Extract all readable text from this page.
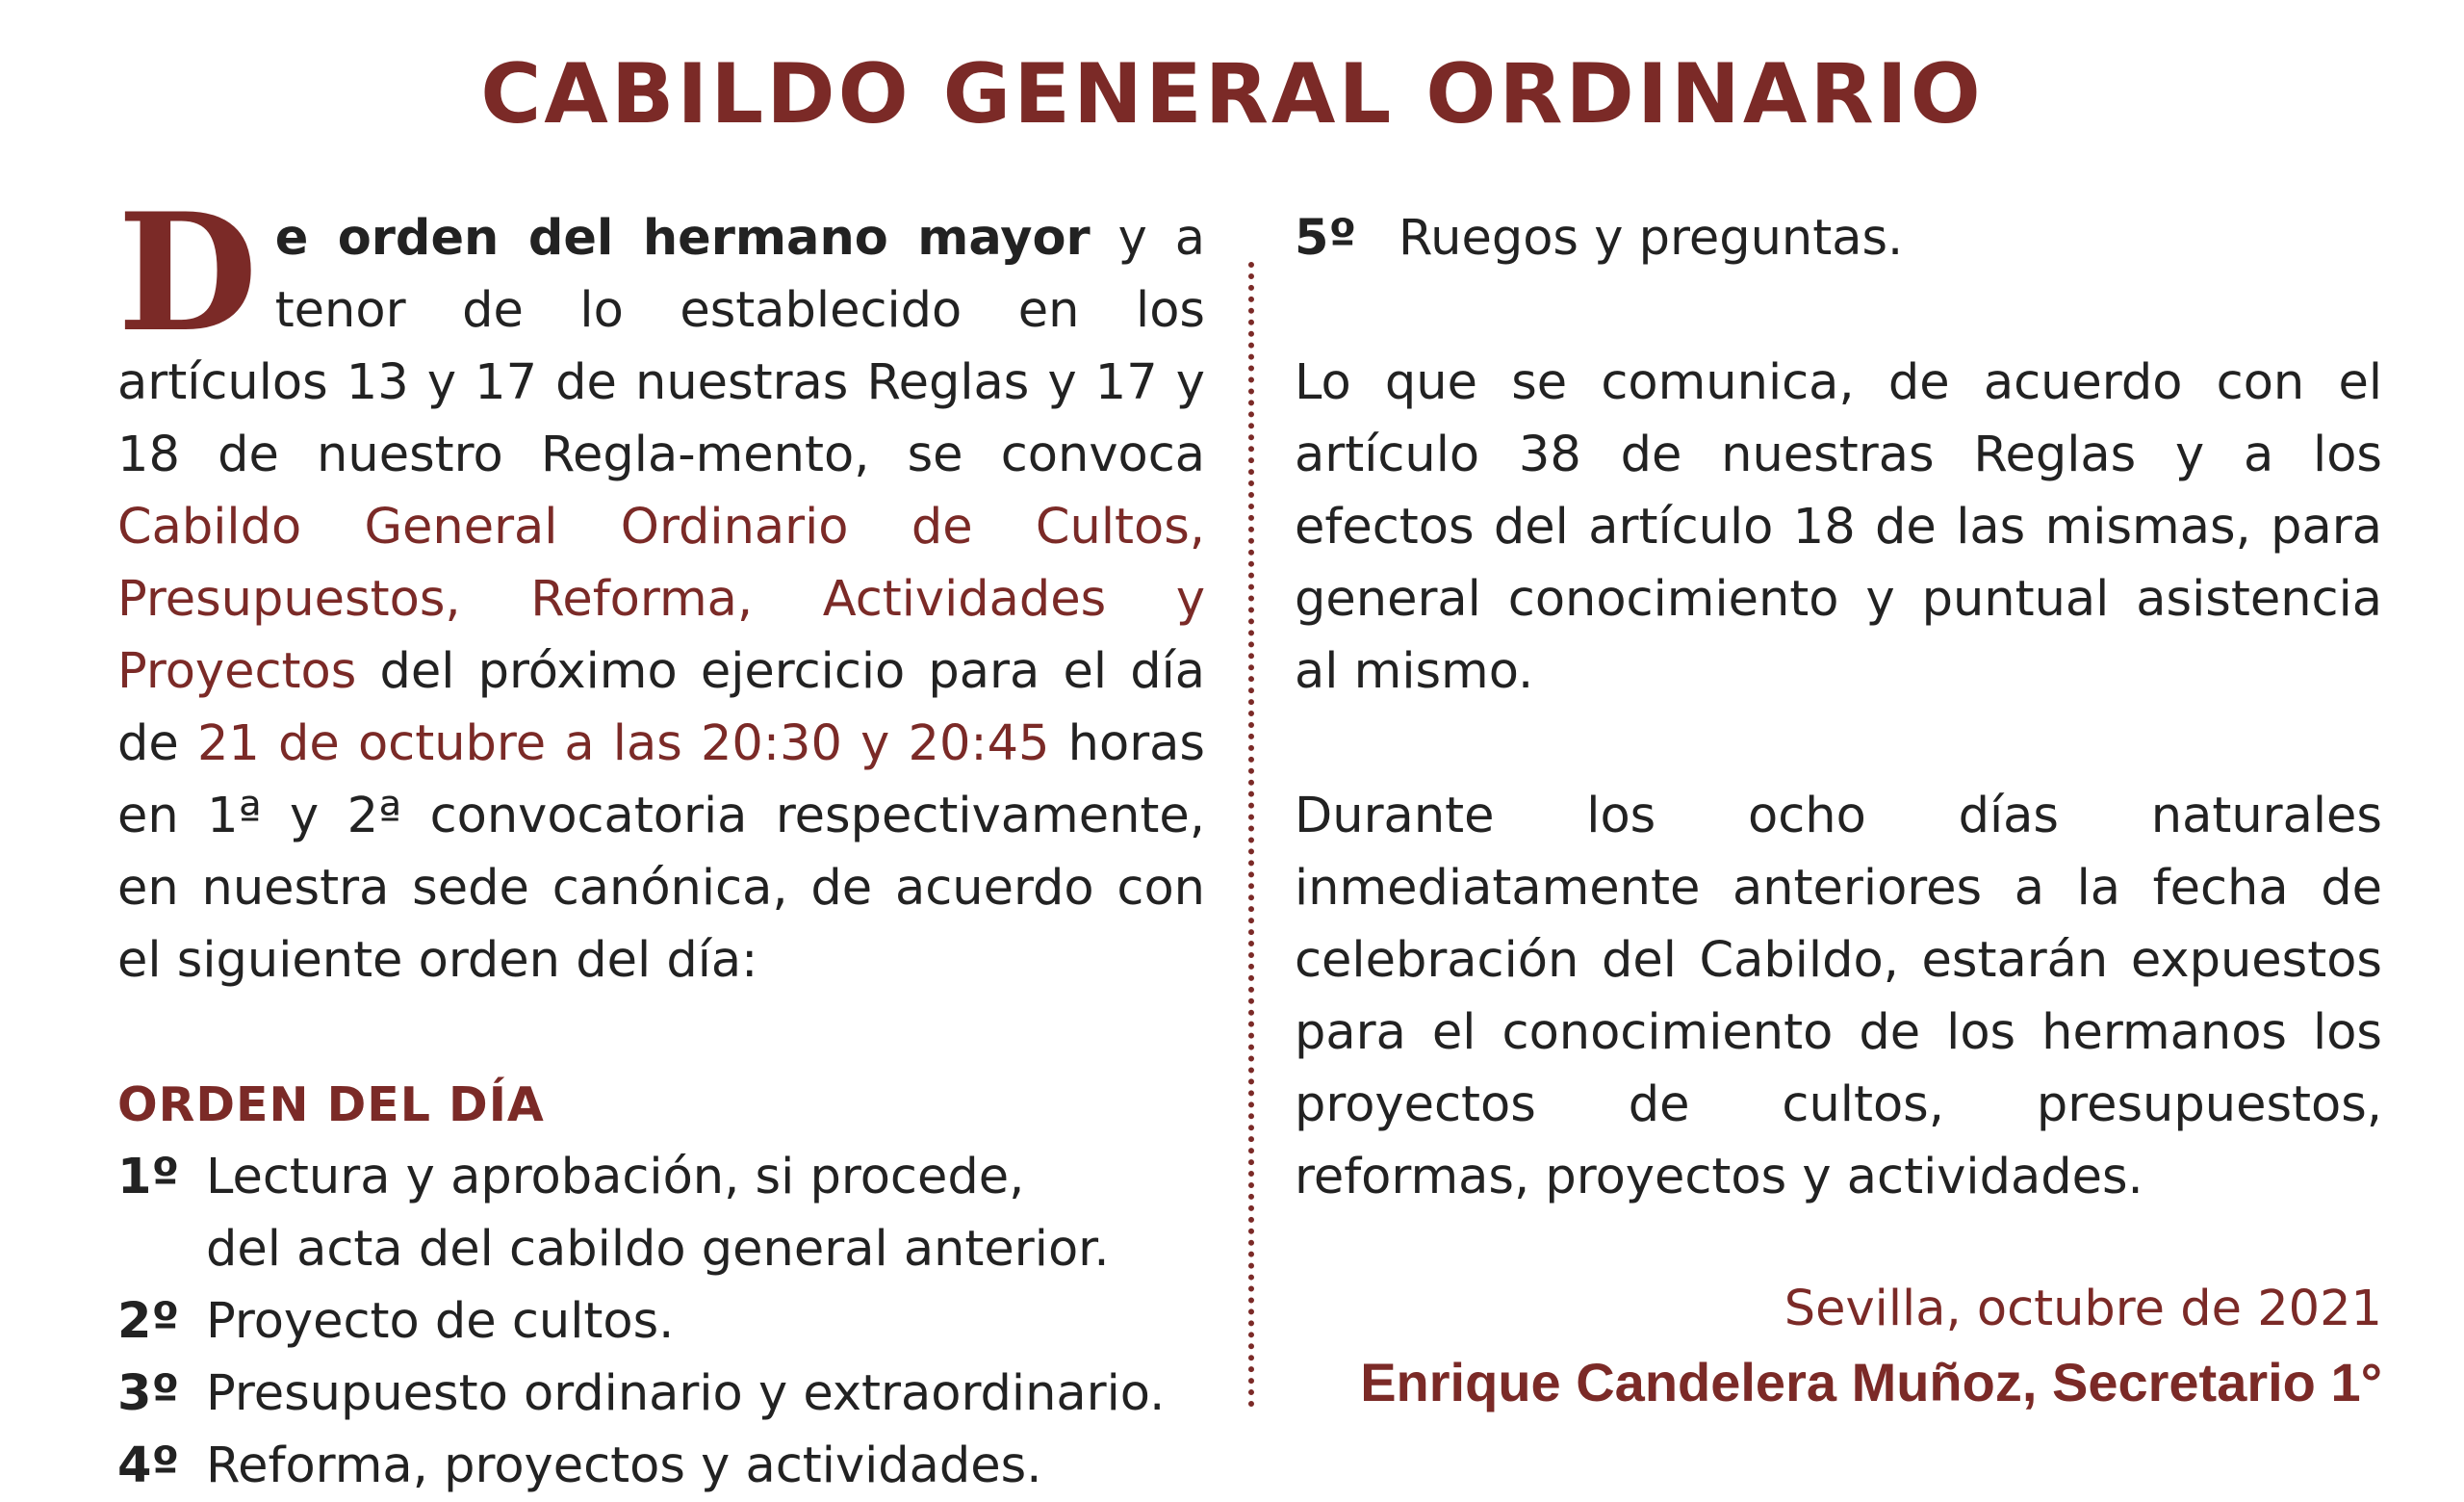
CABILDO GENERAL ORDINARIO

De orden del hermano mayor y a tenor de lo establecido en los artículos 13 y 17 de nuestras Reglas y 17 y 18 de nuestro Regla-mento, se convoca Cabildo General Ordinario de Cultos, Presupuestos, Reforma, Actividades y Proyectos del próximo ejercicio para el día de 21 de octubre a las 20:30 y 20:45 horas en 1ª y 2ª convocatoria respectivamente, en nuestra sede canónica, de acuerdo con el siguiente orden del día:

ORDEN DEL DÍA
1º Lectura y aprobación, si procede,
del acta del cabildo general anterior.
2º Proyecto de cultos.
3º Presupuesto ordinario y extraordinario.
4º Reforma, proyectos y actividades.

5º Ruegos y preguntas.

Lo que se comunica, de acuerdo con el artículo 38 de nuestras Reglas y a los efectos del artículo 18 de las mismas, para general conocimiento y puntual asistencia al mismo.

Durante los ocho días naturales inmediatamente anteriores a la fecha de celebración del Cabildo, estarán expuestos para el conocimiento de los hermanos los proyectos de cultos, presupuestos, reformas, proyectos y actividades.

Sevilla, octubre de 2021

Enrique Candelera Muñoz, Secretario 1°
